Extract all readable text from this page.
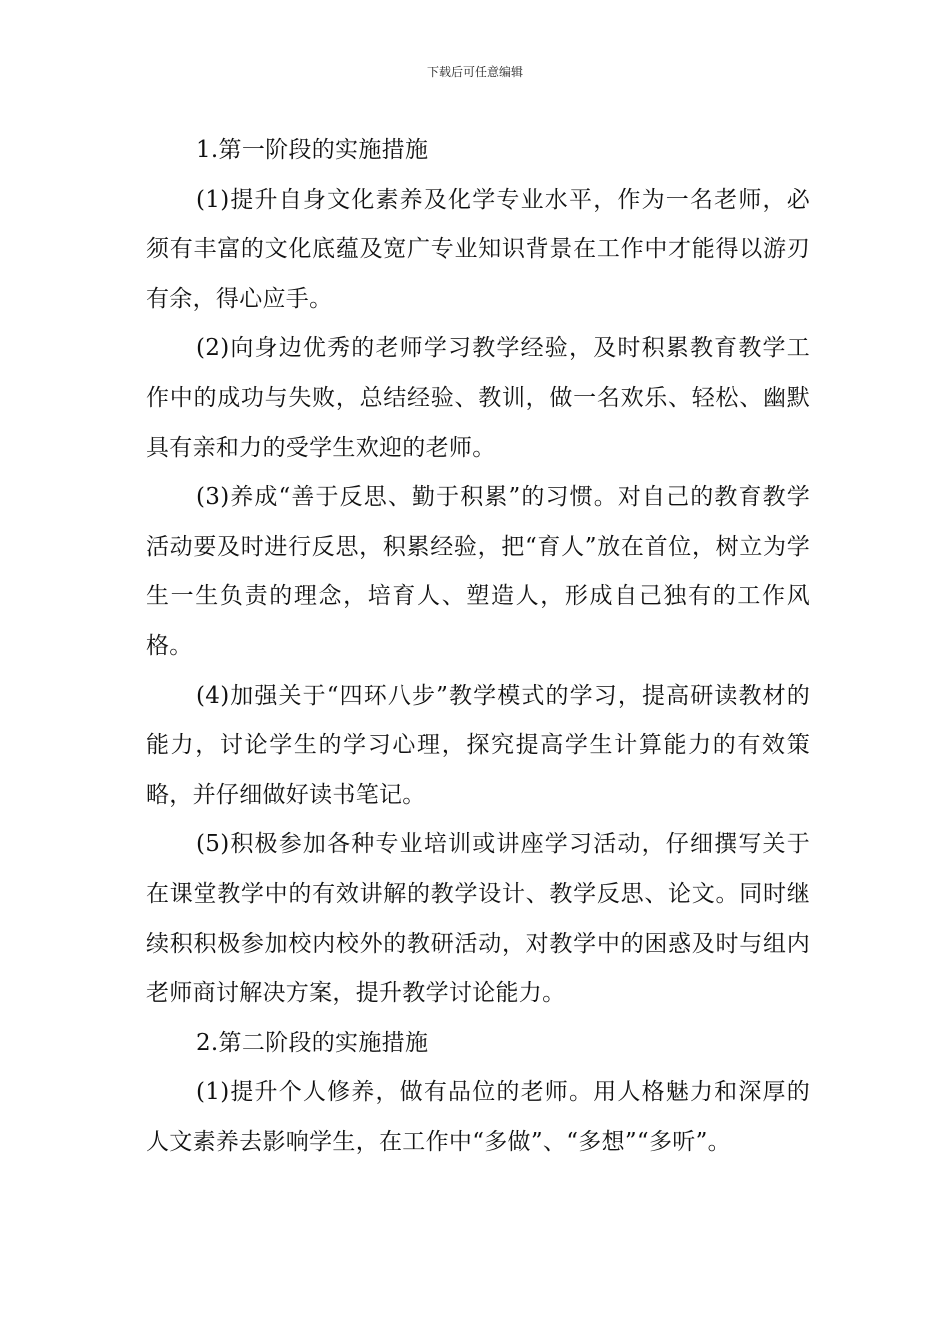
下载后可任意编辑

1.第一阶段的实施措施

(1)提升自身文化素养及化学专业水平，作为一名老师，必须有丰富的文化底蕴及宽广专业知识背景在工作中才能得以游刃有余，得心应手。

(2)向身边优秀的老师学习教学经验，及时积累教育教学工作中的成功与失败，总结经验、教训，做一名欢乐、轻松、幽默具有亲和力的受学生欢迎的老师。

(3)养成“善于反思、勤于积累”的习惯。对自己的教育教学活动要及时进行反思，积累经验，把“育人”放在首位，树立为学生一生负责的理念，培育人、塑造人，形成自己独有的工作风格。

(4)加强关于“四环八步”教学模式的学习，提高研读教材的能力，讨论学生的学习心理，探究提高学生计算能力的有效策略，并仔细做好读书笔记。

(5)积极参加各种专业培训或讲座学习活动，仔细撰写关于在课堂教学中的有效讲解的教学设计、教学反思、论文。同时继续积积极参加校内校外的教研活动，对教学中的困惑及时与组内老师商讨解决方案，提升教学讨论能力。

2.第二阶段的实施措施

(1)提升个人修养，做有品位的老师。用人格魅力和深厚的人文素养去影响学生，在工作中“多做”、“多想”“多听”。
